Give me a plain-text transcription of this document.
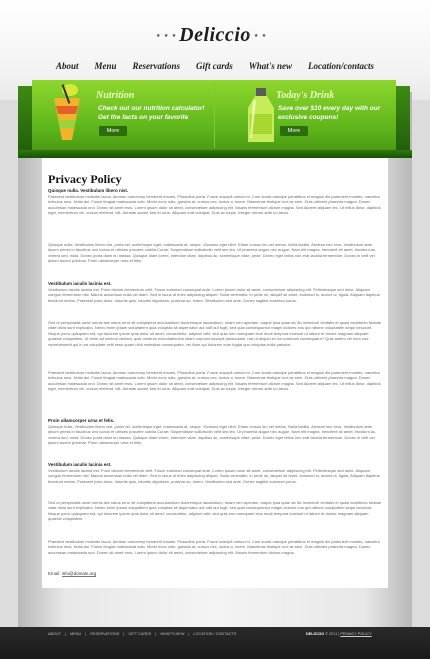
★ ★ ★ Deliccio
★ ★ ★
About Menu Reservations Gift cards What's new Location/contacts
Nutrition
Check out our nutrition calculator!
Get the facts on your favorite
More
Today's Drink
Save over $10 every day with our
exclusive coupons!
More
Privacy Policy
Quisque nulla. Vestibulum libero nisl.
Praesent vestibulum molestie lacus. Aenean nonummy hendrerit mauris. Phasellus porta. Fusce suscipit varius mi. Cum sociis natoque penatibus et magnis dis parturient montes, nascetur ridiculus mus. Nulla dui. Fusce feugiat malesuada odio. Morbi nunc odio, gravida at, cursus nec, luctus a, lorem. Maecenas tristique orci ac sem. Duis ultricies pharetra magna. Donec accumsan malesuada orci. Donec sit amet eros. Lorem ipsum dolor sit amet, consectetuer adipiscing elit. Mauris fermentum dictum magna. Sed laoreet aliquam leo. Ut tellus dolor, dapibus eget, elementum vel, cursus eleifend, elit. Aenean auctor wisi et urna. Aliquam erat volutpat. Duis ac turpis. Integer rutrum ante eu lacus.
Quisque nulla. Vestibulum libero nisl, porta vel, scelerisque eget, malesuada at, neque. Vivamus eget nibh. Etiam cursus leo vel metus. Nulla facilisi. Aenean nec eros. Vestibulum ante ipsum primis in faucibus orci luctus et ultrices posuere cubilia Curae; Suspendisse sollicitudin velit sed leo. Ut pharetra augue nec augue. Nam elit magna, hendrerit sit amet, tincidunt ac, viverra sed, nulla. Donec porta diam eu massa. Quisque diam lorem, interdum vitae, dapibus ac, scelerisque vitae, pede. Donec eget tellus non erat lacinia fermentum. Donec in velit vel ipsum auctor pulvinar. Proin ullamcorper urna et felis.
Vestibulum iaculis lacinia est.
Vestibulum iaculis lacinia est. Proin dictum elementum velit. Fusce euismod consequat ante. Lorem ipsum dolor sit amet, consectetuer adipiscing elit. Pellentesque sed dolor. Aliquam congue fermentum nisl. Mauris accumsan nulla vel diam. Sed in lacus ut enim adipiscing aliquet. Nulla venenatis. In pede mi, aliquet sit amet, euismod in, auctor ut, ligula. Aliquam dapibus tincidunt metus. Praesent justo dolor, lobortis quis, lobortis dignissim, pulvinar ac, lorem. Vestibulum sed ante. Donec sagittis euismod purus.
Sed ut perspiciatis unde omnis iste natus error sit voluptatem accusantium doloremque laudantium, totam rem aperiam, eaque ipsa quae ab illo inventore veritatis et quasi architecto beatae vitae dicta sunt explicabo. Nemo enim ipsam voluptatem quia voluptas sit aspernatur aut odit aut fugit, sed quia consequuntur magni dolores eos qui ratione voluptatem sequi nesciunt. Neque porro quisquam est, qui dolorem ipsum quia dolor sit amet, consectetur, adipisci velit, sed quia non numquam eius modi tempora incidunt ut labore et dolore magnam aliquam quaerat voluptatem. Ut enim ad minima veniam, quis nostrum exercitationem ullam corporis suscipit laboriosam, nisi ut aliquid ex ea commodi consequatur? Quis autem vel eum iure reprehenderit qui in ea voluptate velit esse quam nihil molestiae consequatur, vel illum qui dolorem eum fugiat quo voluptas nulla pariatur.
Praesent vestibulum molestie lacus. Aenean nonummy hendrerit mauris. Phasellus porta. Fusce suscipit varius mi. Cum sociis natoque penatibus et magnis dis parturient montes, nascetur ridiculus mus. Nulla dui. Fusce feugiat malesuada odio. Morbi nunc odio, gravida at, cursus nec, luctus a, lorem. Maecenas tristique orci ac sem. Duis ultricies pharetra magna. Donec accumsan malesuada orci. Donec sit amet eros. Lorem ipsum dolor sit amet, consectetuer adipiscing elit. Mauris fermentum dictum magna. Sed laoreet aliquam leo. Ut tellus dolor, dapibus eget, elementum vel, cursus eleifend, elit. Aenean auctor wisi et urna. Aliquam erat volutpat. Duis ac turpis. Integer rutrum ante eu lacus.
Proin ullamcorper urna et felis.
Quisque nulla. Vestibulum libero nisl, porta vel, scelerisque eget, malesuada at, neque. Vivamus eget nibh. Etiam cursus leo vel metus. Nulla facilisi. Aenean nec eros. Vestibulum ante ipsum primis in faucibus orci luctus et ultrices posuere cubilia Curae; Suspendisse sollicitudin velit sed leo. Ut pharetra augue nec augue. Nam elit magna, hendrerit sit amet, tincidunt ac, viverra sed, nulla. Donec porta diam eu massa. Quisque diam lorem, interdum vitae, dapibus ac, scelerisque vitae, pede. Donec eget tellus non erat lacinia fermentum. Donec in velit vel ipsum auctor pulvinar. Proin ullamcorper urna et felis.
Vestibulum iaculis lacinia est.
Vestibulum iaculis lacinia est. Proin dictum elementum velit. Fusce euismod consequat ante. Lorem ipsum dolor sit amet, consectetuer adipiscing elit. Pellentesque sed dolor. Aliquam congue fermentum nisl. Mauris accumsan nulla vel diam. Sed in lacus ut enim adipiscing aliquet. Nulla venenatis. In pede mi, aliquet sit amet, euismod in, auctor ut, ligula. Aliquam dapibus tincidunt metus. Praesent justo dolor, lobortis quis, lobortis dignissim, pulvinar ac, lorem. Vestibulum sed ante. Donec sagittis euismod purus.
Sed ut perspiciatis unde omnis iste natus error sit voluptatem accusantium doloremque laudantium, totam rem aperiam, eaque ipsa quae ab illo inventore veritatis et quasi architecto beatae vitae dicta sunt explicabo. Nemo enim ipsam voluptatem quia voluptas sit aspernatur aut odit aut fugit, sed quia consequuntur magni dolores eos qui ratione voluptatem sequi nesciunt. Neque porro quisquam est, qui dolorem ipsum quia dolor sit amet, consectetur, adipisci velit, sed quia non numquam eius modi tempora incidunt ut labore et dolore magnam aliquam quaerat voluptatem.
Praesent vestibulum molestie lacus. Aenean nonummy hendrerit mauris. Phasellus porta. Fusce suscipit varius mi. Cum sociis natoque penatibus et magnis dis parturient montes, nascetur ridiculus mus. Nulla dui. Fusce feugiat malesuada odio. Morbi nunc odio, gravida at, cursus nec, luctus a, lorem. Maecenas tristique orci ac sem. Duis ultricies pharetra magna. Donec accumsan malesuada orci. Donec sit amet eros. Lorem ipsum dolor sit amet, consectetuer adipiscing elit. Mauris fermentum dictum magna.
Email: info@domain.org
ABOUT | MENU | RESERVATIONS | GIFT CARDS | WHAT'S NEW | LOCATION / CONTACTS	DELICCIO © 2011 | PRIVACY POLICY
